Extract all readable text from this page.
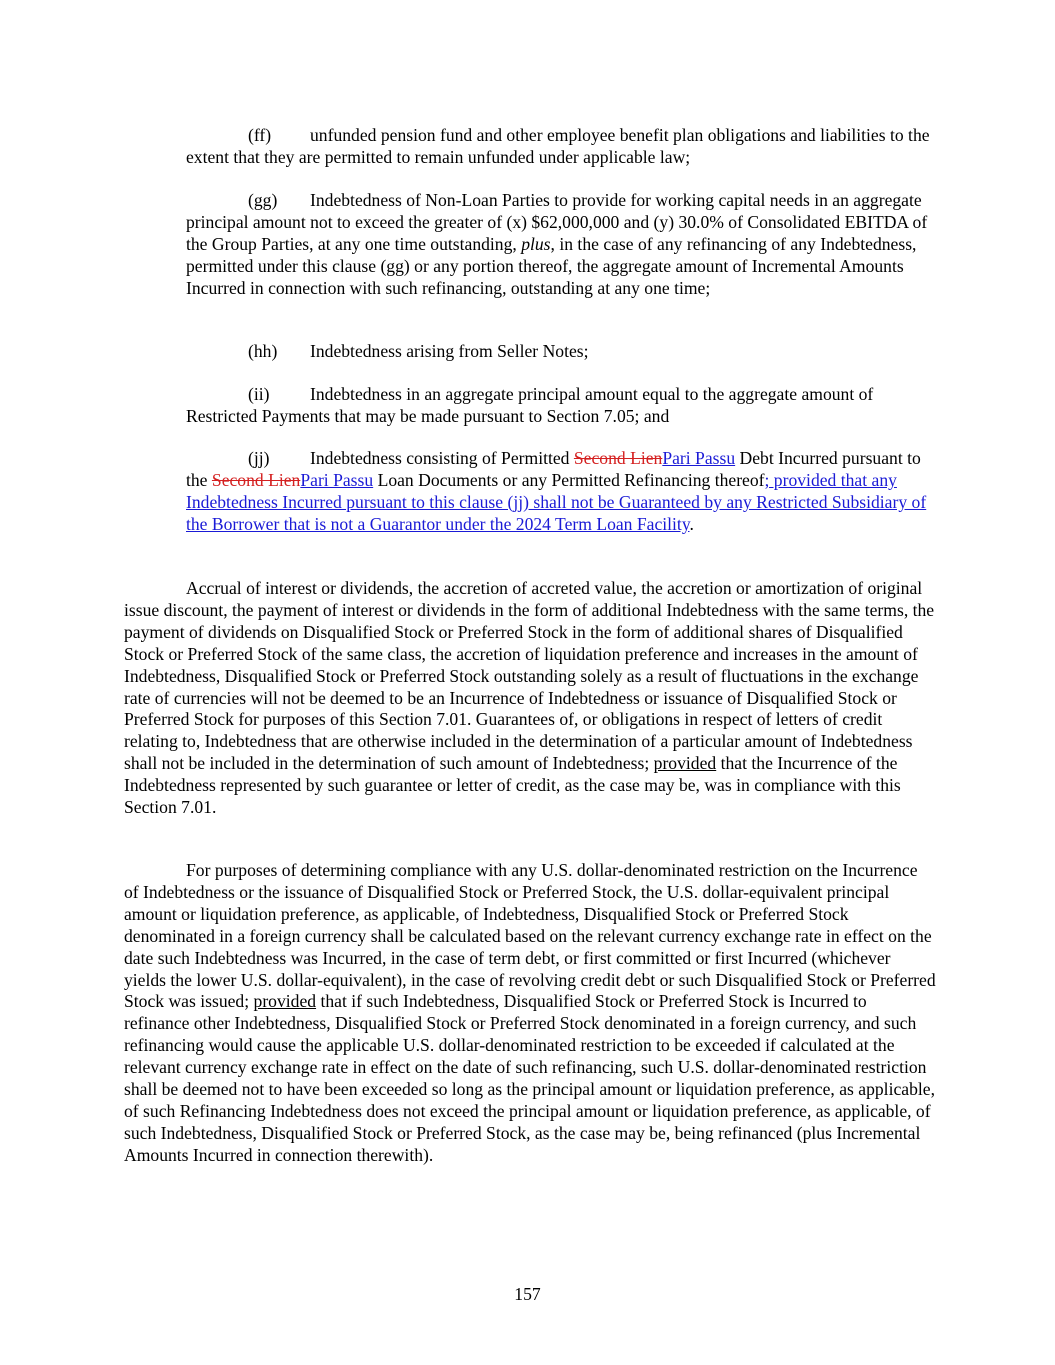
(ff) unfunded pension fund and other employee benefit plan obligations and liabilities to the extent that they are permitted to remain unfunded under applicable law;

(gg) Indebtedness of Non-Loan Parties to provide for working capital needs in an aggregate principal amount not to exceed the greater of (x) $62,000,000 and (y) 30.0% of Consolidated EBITDA of the Group Parties, at any one time outstanding, plus, in the case of any refinancing of any Indebtedness, permitted under this clause (gg) or any portion thereof, the aggregate amount of Incremental Amounts Incurred in connection with such refinancing, outstanding at any one time;

(hh) Indebtedness arising from Seller Notes;

(ii) Indebtedness in an aggregate principal amount equal to the aggregate amount of Restricted Payments that may be made pursuant to Section 7.05; and

(jj) Indebtedness consisting of Permitted Second LienPari Passu Debt Incurred pursuant to the Second LienPari Passu Loan Documents or any Permitted Refinancing thereof; provided that any Indebtedness Incurred pursuant to this clause (jj) shall not be Guaranteed by any Restricted Subsidiary of the Borrower that is not a Guarantor under the 2024 Term Loan Facility.

Accrual of interest or dividends, the accretion of accreted value, the accretion or amortization of original issue discount, the payment of interest or dividends in the form of additional Indebtedness with the same terms, the payment of dividends on Disqualified Stock or Preferred Stock in the form of additional shares of Disqualified Stock or Preferred Stock of the same class, the accretion of liquidation preference and increases in the amount of Indebtedness, Disqualified Stock or Preferred Stock outstanding solely as a result of fluctuations in the exchange rate of currencies will not be deemed to be an Incurrence of Indebtedness or issuance of Disqualified Stock or Preferred Stock for purposes of this Section 7.01. Guarantees of, or obligations in respect of letters of credit relating to, Indebtedness that are otherwise included in the determination of a particular amount of Indebtedness shall not be included in the determination of such amount of Indebtedness; provided that the Incurrence of the Indebtedness represented by such guarantee or letter of credit, as the case may be, was in compliance with this Section 7.01.

For purposes of determining compliance with any U.S. dollar-denominated restriction on the Incurrence of Indebtedness or the issuance of Disqualified Stock or Preferred Stock, the U.S. dollar-equivalent principal amount or liquidation preference, as applicable, of Indebtedness, Disqualified Stock or Preferred Stock denominated in a foreign currency shall be calculated based on the relevant currency exchange rate in effect on the date such Indebtedness was Incurred, in the case of term debt, or first committed or first Incurred (whichever yields the lower U.S. dollar-equivalent), in the case of revolving credit debt or such Disqualified Stock or Preferred Stock was issued; provided that if such Indebtedness, Disqualified Stock or Preferred Stock is Incurred to refinance other Indebtedness, Disqualified Stock or Preferred Stock denominated in a foreign currency, and such refinancing would cause the applicable U.S. dollar-denominated restriction to be exceeded if calculated at the relevant currency exchange rate in effect on the date of such refinancing, such U.S. dollar-denominated restriction shall be deemed not to have been exceeded so long as the principal amount or liquidation preference, as applicable, of such Refinancing Indebtedness does not exceed the principal amount or liquidation preference, as applicable, of such Indebtedness, Disqualified Stock or Preferred Stock, as the case may be, being refinanced (plus Incremental Amounts Incurred in connection therewith).

157
